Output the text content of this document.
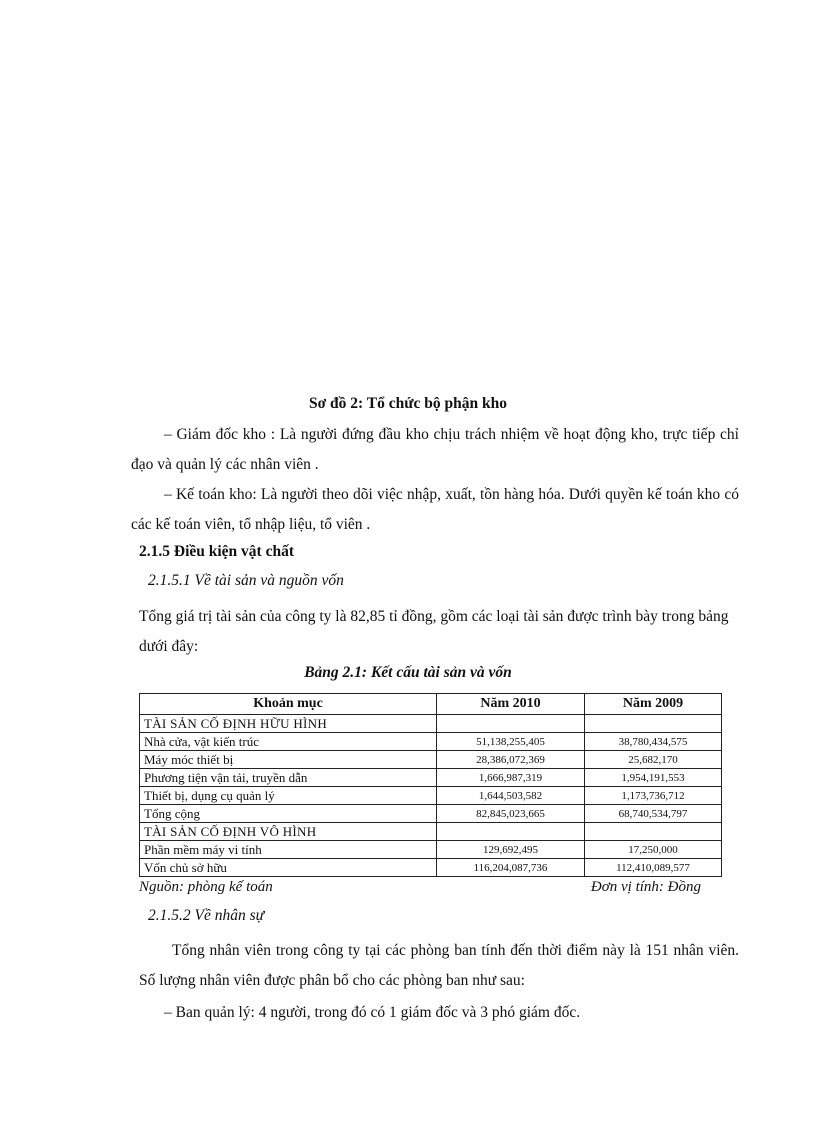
Sơ đồ 2: Tổ chức bộ phận kho
– Giám đốc kho : Là người đứng đầu kho chịu trách nhiệm về hoạt động kho, trực tiếp chỉ đạo và quản lý các nhân viên .
– Kế toán kho: Là người theo dõi việc nhập, xuất, tồn hàng hóa. Dưới quyền kế toán kho có các kế toán viên, tổ nhập liệu, tổ viên .
2.1.5 Điều kiện vật chất
2.1.5.1 Về tài sản và nguồn vốn
Tổng giá trị tài sản của công ty là 82,85 tỉ đồng, gồm các loại tài sản được trình bày trong bảng dưới đây:
Bảng 2.1: Kết cấu tài sản và vốn
Khoản mục	Năm 2010	Năm 2009
TÀI SẢN CỐ ĐỊNH HỮU HÌNH		
Nhà cửa, vật kiến trúc	51,138,255,405	38,780,434,575
Máy móc thiết bị	28,386,072,369	25,682,170
Phương tiện vận tải, truyền dẫn	1,666,987,319	1,954,191,553
Thiết bị, dụng cụ quản lý	1,644,503,582	1,173,736,712
Tổng cộng	82,845,023,665	68,740,534,797
TÀI SẢN CỐ ĐỊNH VÔ HÌNH		
Phần mềm máy vi tính	129,692,495	17,250,000
Vốn chủ sở hữu	116,204,087,736	112,410,089,577
Nguồn: phòng kế toán	Đơn vị tính: Đồng
2.1.5.2 Về nhân sự
Tổng nhân viên trong công ty tại các phòng ban tính đến thời điểm này là 151 nhân viên. Số lượng nhân viên được phân bổ cho các phòng ban như sau:
– Ban quản lý: 4 người, trong đó có 1 giám đốc và 3 phó giám đốc.
